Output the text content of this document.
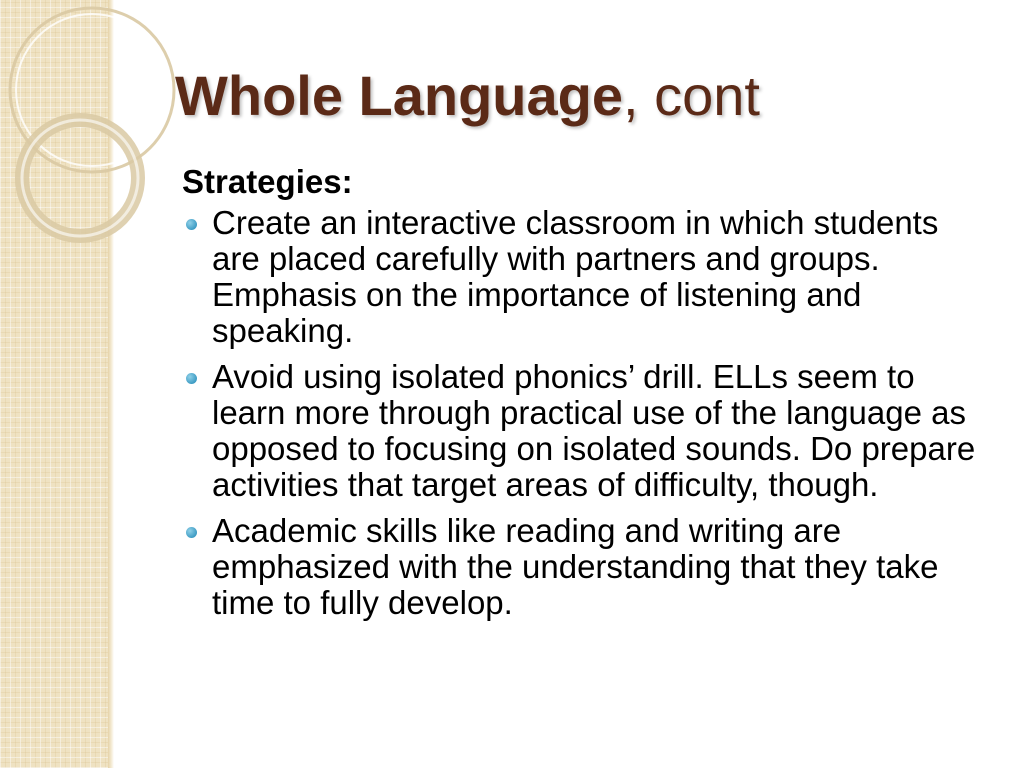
Whole Language, cont
Strategies:
Create an interactive classroom in which students are placed carefully with partners and groups. Emphasis on the importance of listening and speaking.
Avoid using isolated phonics’ drill. ELLs seem to learn more through practical use of the language as opposed to focusing on isolated sounds. Do prepare activities that target areas of difficulty, though.
Academic skills like reading and writing are emphasized with the understanding that they take time to fully develop.
